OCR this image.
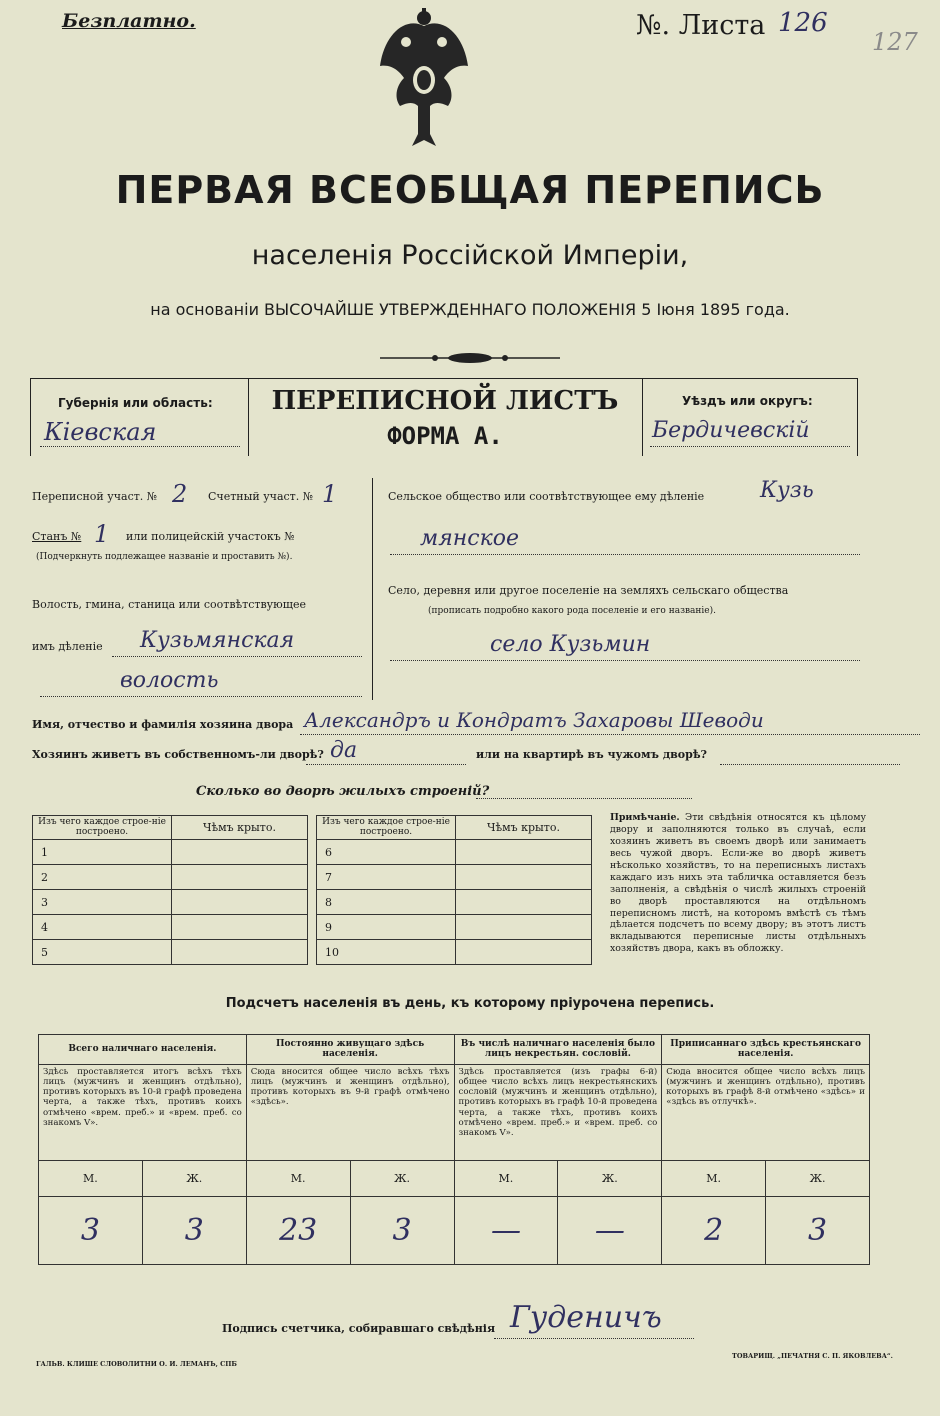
Безплатно.	№. Листа 126
127
ПЕРВАЯ ВСЕОБЩАЯ ПЕРЕПИСЬ
населенія Россійской Имперіи,
на основаніи ВЫСОЧАЙШЕ УТВЕРЖДЕННАГО ПОЛОЖЕНІЯ 5 Іюня 1895 года.
Губернія или область:
Кіевская
ПЕРЕПИСНОЙ ЛИСТЪ
ФОРМА А.
Уѣздъ или округъ:
Бердичевскій
Переписной участ. № 2 Счетный участ. № 1
Станъ № 1 или полицейскій участокъ №
(Подчеркнуть подлежащее названіе и проставить №).
Волость, гмина, станица или соотвѣтствующее
имъ дѣленіе Кузьмянская
волость
Сельское общество или соотвѣтствующее ему дѣленіе	Кузь
мянское
Село, деревня или другое поселеніе на земляхъ сельскаго общества
(прописать подробно какого рода поселеніе и его названіе).
село Кузьмин
Имя, отчество и фамилія хозяина двора Александръ и Кондратъ Захаровы Шеводи
Хозяинъ живетъ въ собственномъ-ли дворѣ? да	или на квартирѣ въ чужомъ дворѣ?
Сколько во дворѣ жилыхъ строеній?
Изъ чего каждое строе-ніе построено.	Чѣмъ крыто.
1	
2	
3	
4	
5	
Изъ чего каждое строе-ніе построено.	Чѣмъ крыто.
6	
7	
8	
9	
10	
Примѣчаніе. Эти свѣдѣнія относятся къ цѣлому двору и заполняются только въ случаѣ, если хозяинъ живетъ въ своемъ дворѣ или занимаетъ весь чужой дворъ. Если-же во дворѣ живетъ нѣсколько хозяйствъ, то на переписныхъ листахъ каждаго изъ нихъ эта табличка оставляется безъ заполненія, а свѣдѣнія о числѣ жилыхъ строеній во дворѣ проставляются на отдѣльномъ переписномъ листѣ, на которомъ вмѣстѣ съ тѣмъ дѣлается подсчетъ по всему двору; въ этотъ листъ вкладываются переписные листы отдѣльныхъ хозяйствъ двора, какъ въ обложку.
Подсчетъ населенія въ день, къ которому пріурочена перепись.
Всего наличнаго населенія.		Постоянно живущаго здѣсь населенія.		Въ числѣ наличнаго населенія было лицъ некрестьян. сословій.		Приписаннаго здѣсь крестьянскаго населенія.	
Здѣсь проставляется итогъ всѣхъ тѣхъ лицъ (мужчинъ и женщинъ отдѣльно), противъ которыхъ въ 10-й графѣ проведена черта, а также тѣхъ, противъ коихъ отмѣчено «врем. преб.» и «врем. преб. со знакомъ V».		Сюда вносится общее число всѣхъ тѣхъ лицъ (мужчинъ и женщинъ отдѣльно), противъ которыхъ въ 9-й графѣ отмѣчено «здѣсь».		Здѣсь проставляется (изъ графы 6-й) общее число всѣхъ лицъ некрестьянскихъ сословій (мужчинъ и женщинъ отдѣльно), противъ которыхъ въ графѣ 10-й проведена черта, а также тѣхъ, противъ коихъ отмѣчено «врем. преб.» и «врем. преб. со знакомъ V».		Сюда вносится общее число всѣхъ лицъ (мужчинъ и женщинъ отдѣльно), противъ которыхъ въ графѣ 8-й отмѣчено «здѣсь» и «здѣсь въ отлучкѣ».	
М.	Ж.	М.	Ж.	М.	Ж.	М.	Ж.
3	3	23	3	—	—	2	3
Подпись счетчика, собиравшаго свѣдѣнія Гуденичъ
ГАЛЬВ. КЛИШЕ СЛОВОЛИТНИ О. И. ЛЕМАНЪ, СПБ
ТОВАРИЩ. „ПЕЧАТНЯ С. П. ЯКОВЛЕВА“.
